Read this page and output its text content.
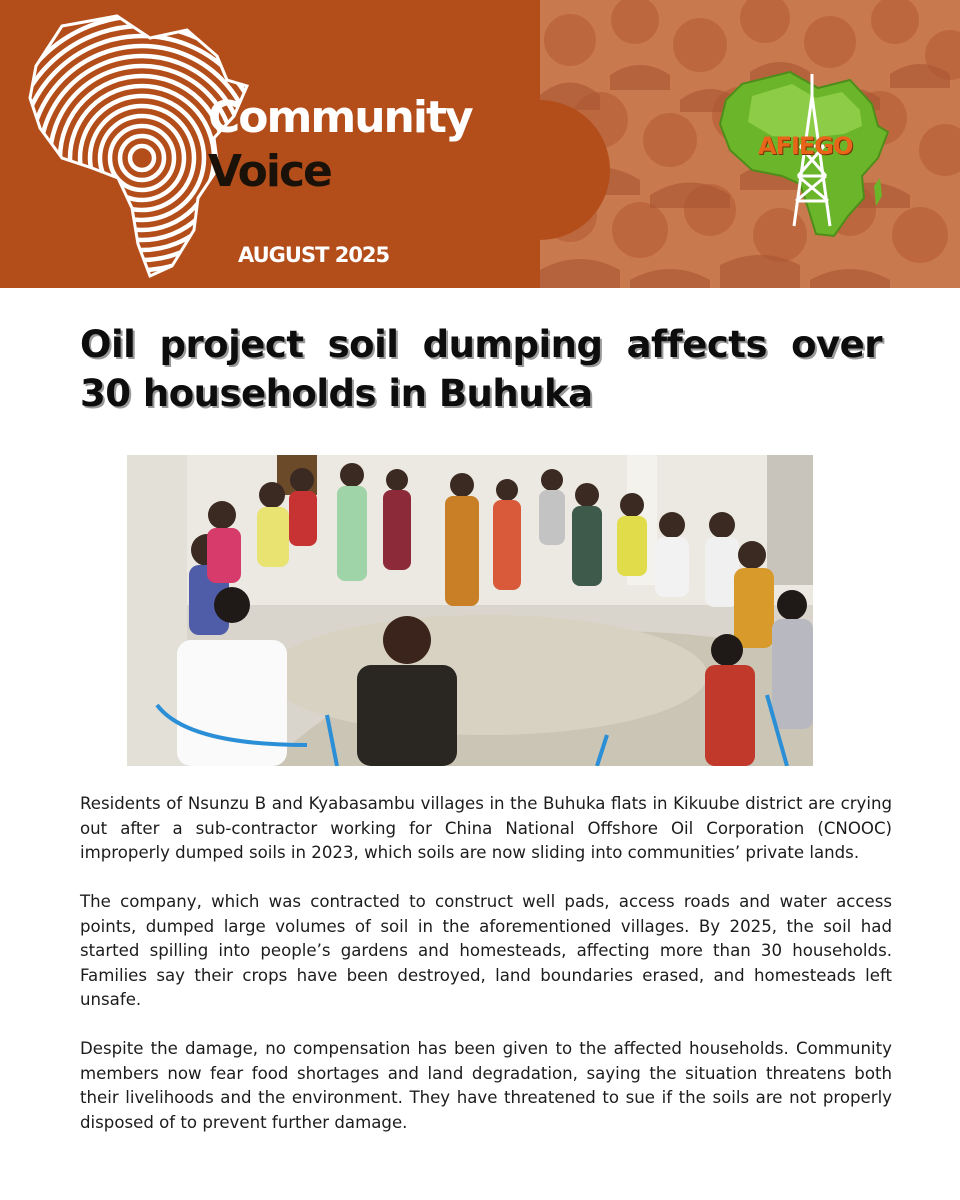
Community
Voice
AUGUST 2025
AFIEGO
Oil project soil dumping affects over 30 households in Buhuka

Residents of Nsunzu B and Kyabasambu villages in the Buhuka flats in Kikuube district are crying out after a sub-contractor working for China National Offshore Oil Corporation (CNOOC) improperly dumped soils in 2023, which soils are now sliding into communities’ private lands.

The company, which was contracted to construct well pads, access roads and water access points, dumped large volumes of soil in the aforementioned villages. By 2025, the soil had started spilling into people’s gardens and homesteads, affecting more than 30 households. Families say their crops have been destroyed, land boundaries erased, and homesteads left unsafe.

Despite the damage, no compensation has been given to the affected households. Community members now fear food shortages and land degradation, saying the situation threatens both their livelihoods and the environment. They have threatened to sue if the soils are not properly disposed of to prevent further damage.
